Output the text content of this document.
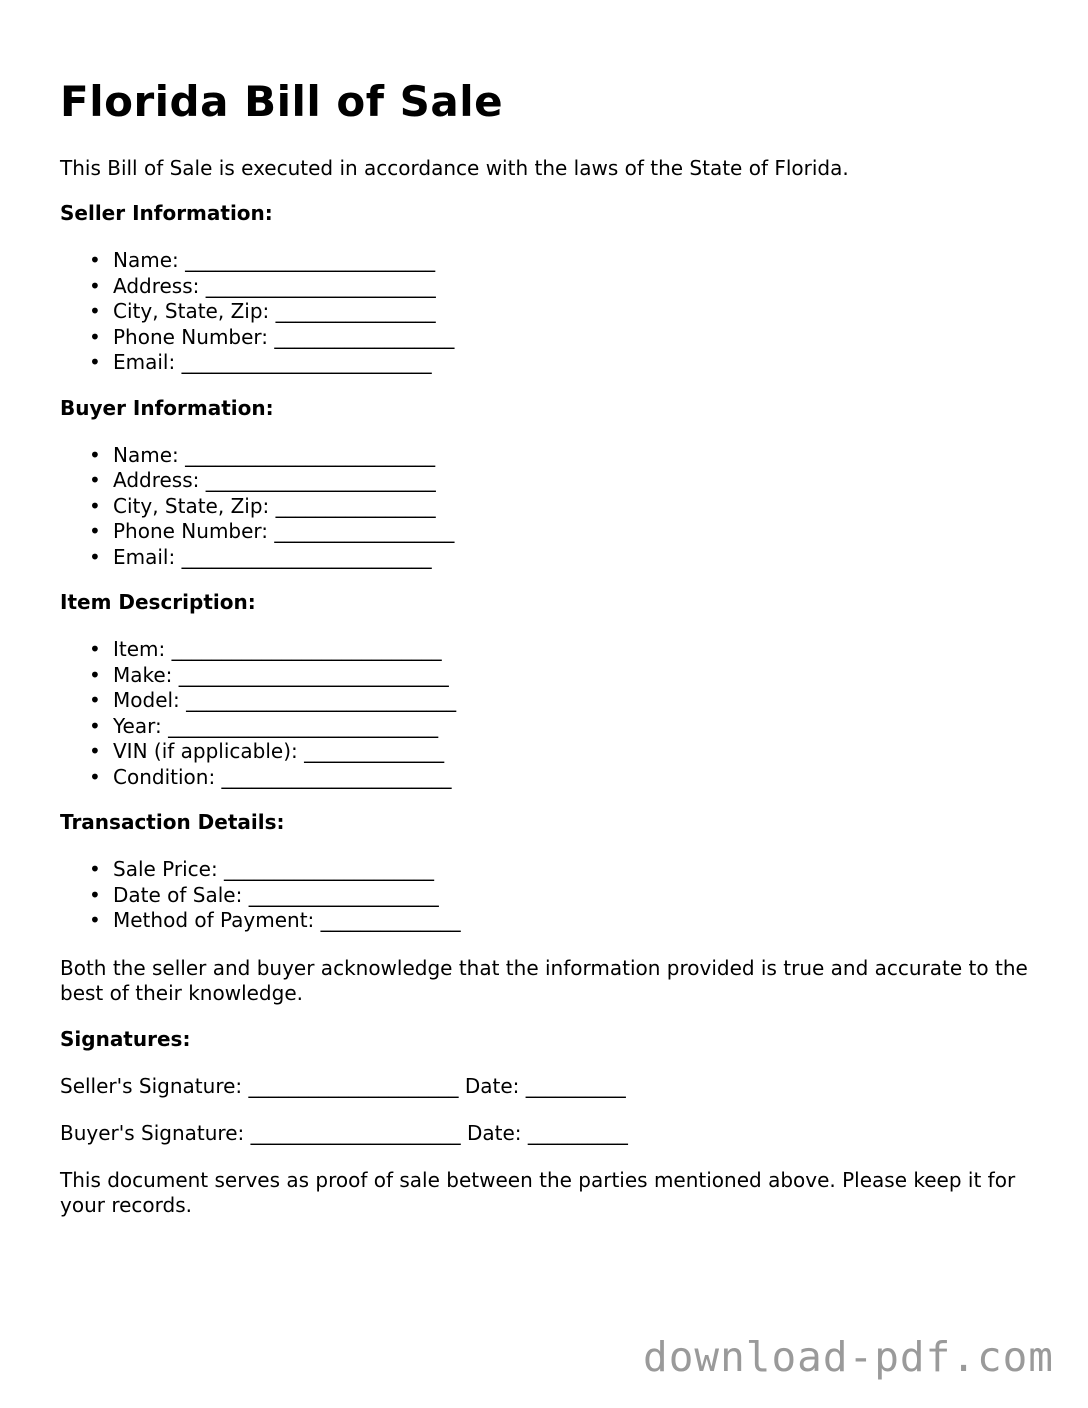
Florida Bill of Sale

This Bill of Sale is executed in accordance with the laws of the State of Florida.

Seller Information:

• Name: _________________________
• Address: _______________________
• City, State, Zip: ________________
• Phone Number: __________________
• Email: _________________________

Buyer Information:

• Name: _________________________
• Address: _______________________
• City, State, Zip: ________________
• Phone Number: __________________
• Email: _________________________

Item Description:

• Item: ___________________________
• Make: ___________________________
• Model: ___________________________
• Year: ___________________________
• VIN (if applicable): ______________
• Condition: _______________________

Transaction Details:

• Sale Price: _____________________
• Date of Sale: ___________________
• Method of Payment: ______________

Both the seller and buyer acknowledge that the information provided is true and accurate to the best of their knowledge.

Signatures:

Seller's Signature: _____________________ Date: __________

Buyer's Signature: _____________________ Date: __________

This document serves as proof of sale between the parties mentioned above. Please keep it for your records.

download-pdf.com
